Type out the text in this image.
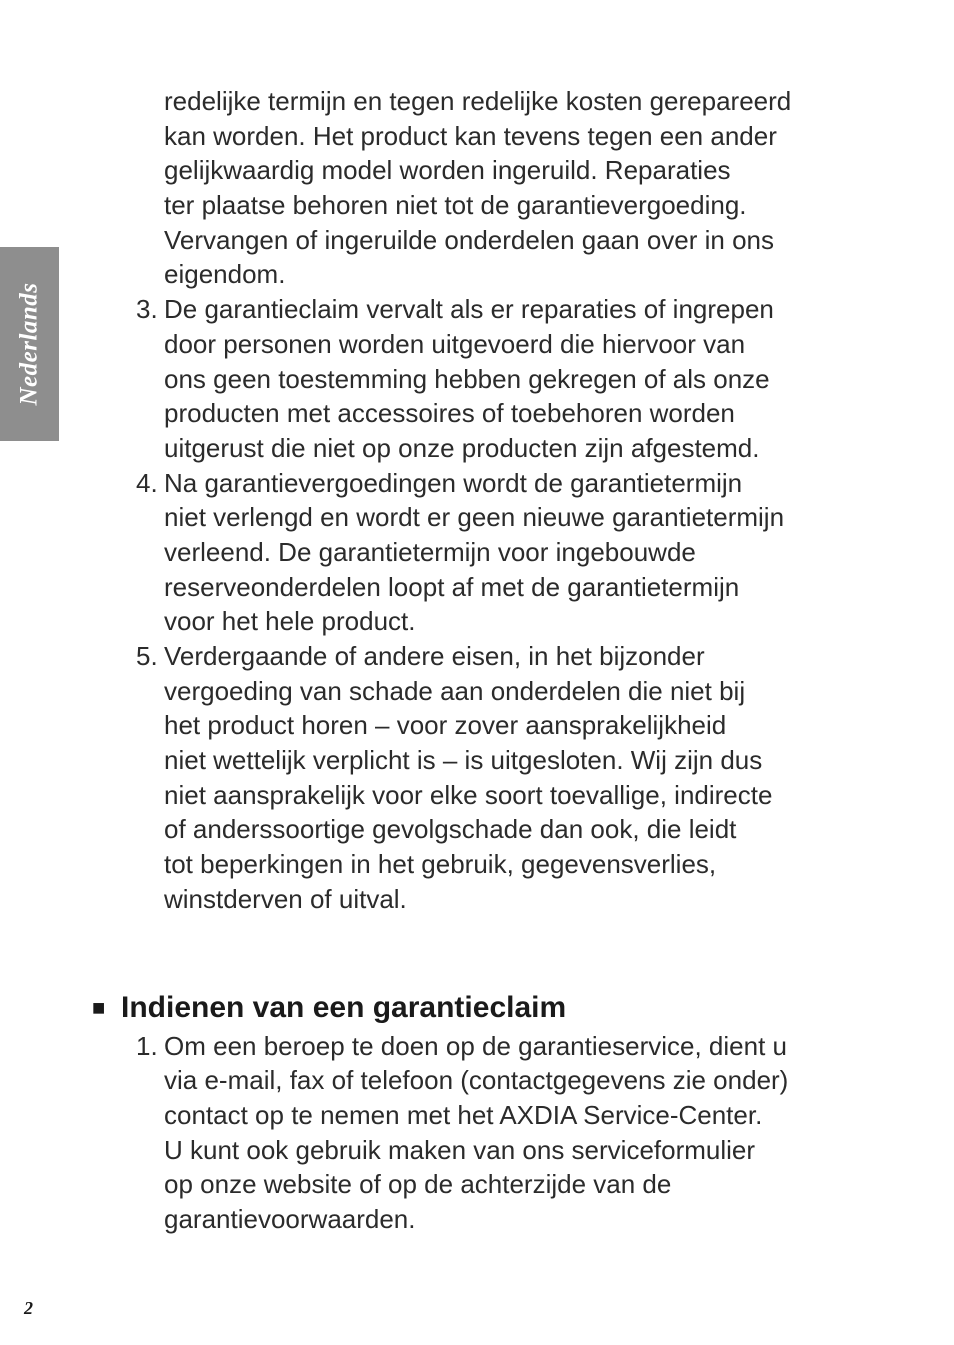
Nederlands
redelijke termijn en tegen redelijke kosten gerepareerd
kan worden. Het product kan tevens tegen een ander
gelijkwaardig model worden ingeruild. Reparaties
ter plaatse behoren niet tot de garantievergoeding.
Vervangen of ingeruilde onderdelen gaan over in ons
eigendom.
3. De garantieclaim vervalt als er reparaties of ingrepen
door personen worden uitgevoerd die hiervoor van
ons geen toestemming hebben gekregen of als onze
producten met accessoires of toebehoren worden
uitgerust die niet op onze producten zijn afgestemd.
4. Na garantievergoedingen wordt de garantietermijn
niet verlengd en wordt er geen nieuwe garantietermijn
verleend. De garantietermijn voor ingebouwde
reserveonderdelen loopt af met de garantietermijn
voor het hele product.
5. Verdergaande of andere eisen, in het bijzonder
vergoeding van schade aan onderdelen die niet bij
het product horen – voor zover aansprakelijkheid
niet wettelijk verplicht is – is uitgesloten. Wij zijn dus
niet aansprakelijk voor elke soort toevallige, indirecte
of anderssoortige gevolgschade dan ook, die leidt
tot beperkingen in het gebruik, gegevensverlies,
winstderven of uitval.
■ Indienen van een garantieclaim
1. Om een beroep te doen op de garantieservice, dient u
via e-mail, fax of telefoon (contactgegevens zie onder)
contact op te nemen met het AXDIA Service-Center.
U kunt ook gebruik maken van ons serviceformulier
op onze website of op de achterzijde van de
garantievoorwaarden.
2
